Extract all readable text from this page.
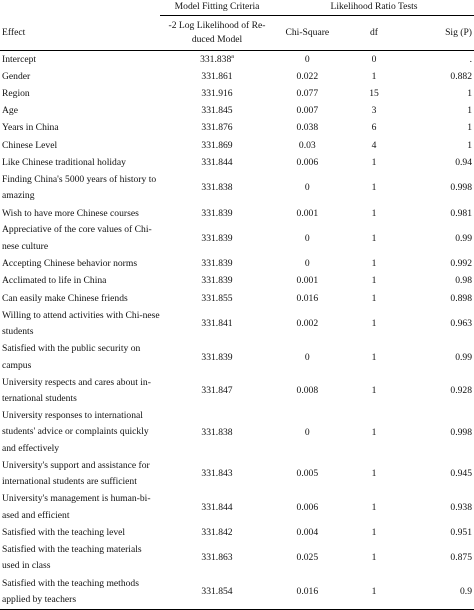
	Model Fitting Criteria	Likelihood Ratio Tests		
Effect	-2 Log Likelihood of Re-duced Model	Chi-Square	df	Sig (P)
Intercept	331.838$^a$	0	0	.
Gender	331.861	0.022	1	0.882
Region	331.916	0.077	15	1
Age	331.845	0.007	3	1
Years in China	331.876	0.038	6	1
Chinese Level	331.869	0.03	4	1
Like Chinese traditional holiday	331.844	0.006	1	0.94
Finding China's 5000 years of history to amazing	331.838	0	1	0.998
Wish to have more Chinese courses	331.839	0.001	1	0.981
Appreciative of the core values of Chi-nese culture	331.839	0	1	0.99
Accepting Chinese behavior norms	331.839	0	1	0.992
Acclimated to life in China	331.839	0.001	1	0.98
Can easily make Chinese friends	331.855	0.016	1	0.898
Willing to attend activities with Chi-nese students	331.841	0.002	1	0.963
Satisfied with the public security on campus	331.839	0	1	0.99
University respects and cares about in-ternational students	331.847	0.008	1	0.928
University responses to international students' advice or complaints quickly and effectively	331.838	0	1	0.998
University's support and assistance for international students are sufficient	331.843	0.005	1	0.945
University's management is human-bi-ased and efficient	331.844	0.006	1	0.938
Satisfied with the teaching level	331.842	0.004	1	0.951
Satisfied with the teaching materials used in class	331.863	0.025	1	0.875
Satisfied with the teaching methods applied by teachers	331.854	0.016	1	0.9
